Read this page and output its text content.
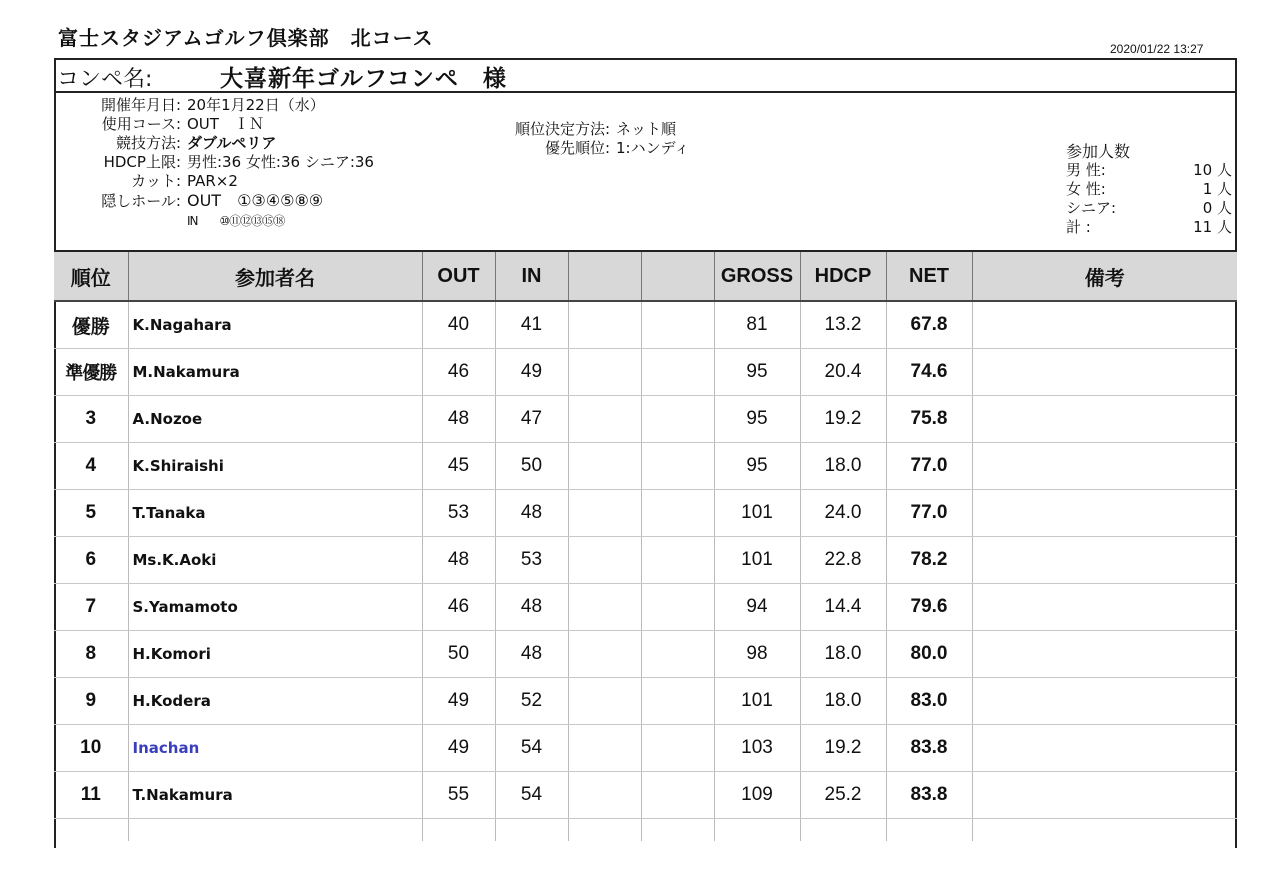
富士スタジアムゴルフ倶楽部　北コース	2020/01/22 13:27
コンペ名:	大喜新年ゴルフコンペ　様
開催年月日: 20年1月22日（水）
使用コース: OUT　ＩＮ
競技方法: ダブルペリア
HDCP上限: 男性:36 女性:36 シニア:36
カット: PAR×2
隠しホール: OUT　①③④⑤⑧⑨
IN　　⑩⑪⑫⑬⑮⑱
順位決定方法: ネット順
優先順位: 1:ハンディ	参加人数
男 性:	10 人
女 性:	1 人
シニア:	0 人
計 :	11 人
順位	参加者名	OUT	IN			GROSS	HDCP	NET	備考
優勝	K.Nagahara	40	41			81	13.2	67.8	
準優勝	M.Nakamura	46	49			95	20.4	74.6	
3	A.Nozoe	48	47			95	19.2	75.8	
4	K.Shiraishi	45	50			95	18.0	77.0	
5	T.Tanaka	53	48			101	24.0	77.0	
6	Ms.K.Aoki	48	53			101	22.8	78.2	
7	S.Yamamoto	46	48			94	14.4	79.6	
8	H.Komori	50	48			98	18.0	80.0	
9	H.Kodera	49	52			101	18.0	83.0	
10	Inachan	49	54			103	19.2	83.8	
11	T.Nakamura	55	54			109	25.2	83.8	
